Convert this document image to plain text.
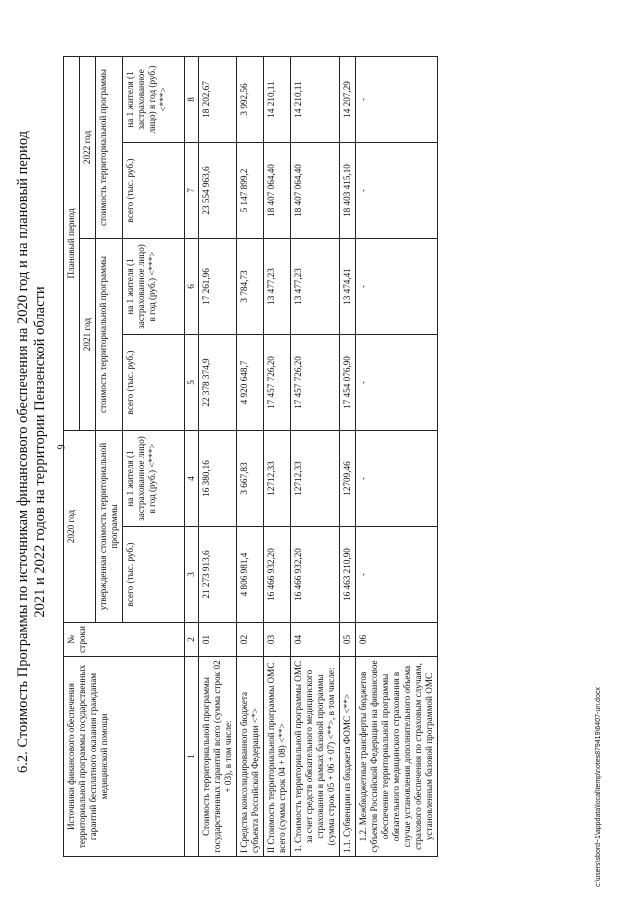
9
6.2. Стоимость Программы по источникам финансового обеспечения на 2020 год и на плановый период 2021 и 2022 годов на территории Пензенской области
Источники финансового обеспечения территориальной программы государственных гарантий бесплатного оказания гражданам медицинской помощи	№ строки	2020 год		Плановый период			
				2021 год		2022 год	
		утвержденная стоимость территориальной программы		стоимость территориальной программы		стоимость территориальной программы	
		всего (тыс. руб.)	на 1 жителя (1 застрахованное лицо) в год (руб.) <***>	всего (тыс. руб.)	на 1 жителя (1 застрахованное лицо) в год (руб.) <***>	всего (тыс. руб.)	на 1 жителя (1 застрахованное лицо) в год (руб.) <***>
1	2	3	4	5	6	7	8
Стоимость территориальной программы государственных гарантий всего (сумма строк 02 + 03), в том числе:	01	21 273 913,6	16 380,16	22 378 374,9	17 261,96	23 554 963,6	18 202,67
I Средства консолидированного бюджета субъекта Российской Федерации <*>	02	4 806 981,4	3 667,83	4 920 648,7	3 784,73	5 147 899,2	3 992,56
II Стоимость территориальной программы ОМС всего (сумма строк 04 + 08) <**>	03	16 466 932,20	12712,33	17 457 726,20	13 477,23	18 407 064,40	14 210,11
1. Стоимость территориальной программы ОМС за счет средств обязательного медицинского страхования в рамках базовой программы (сумма строк 05 + 06 + 07) <**>, в том числе:	04	16 466 932,20	12712,33	17 457 726,20	13 477,23	18 407 064,40	14 210,11
1.1. Субвенции из бюджета ФОМС <**>	05	16 463 210,90	12709,46	17 454 076,90	13 474,41	18 403 415,10	14 207,29
1.2. Межбюджетные трансферты бюджетов субъектов Российской Федерации на финансовое обеспечение территориальной программы обязательного медицинского страхования в случае установления дополнительного объема страхового обеспечения по страховым случаям, установленным базовой программой ОМС	06	-	-	-	-	-	-
c:\users\sbord~1\appdata\local\temp\notes879419\6407-un.docx
